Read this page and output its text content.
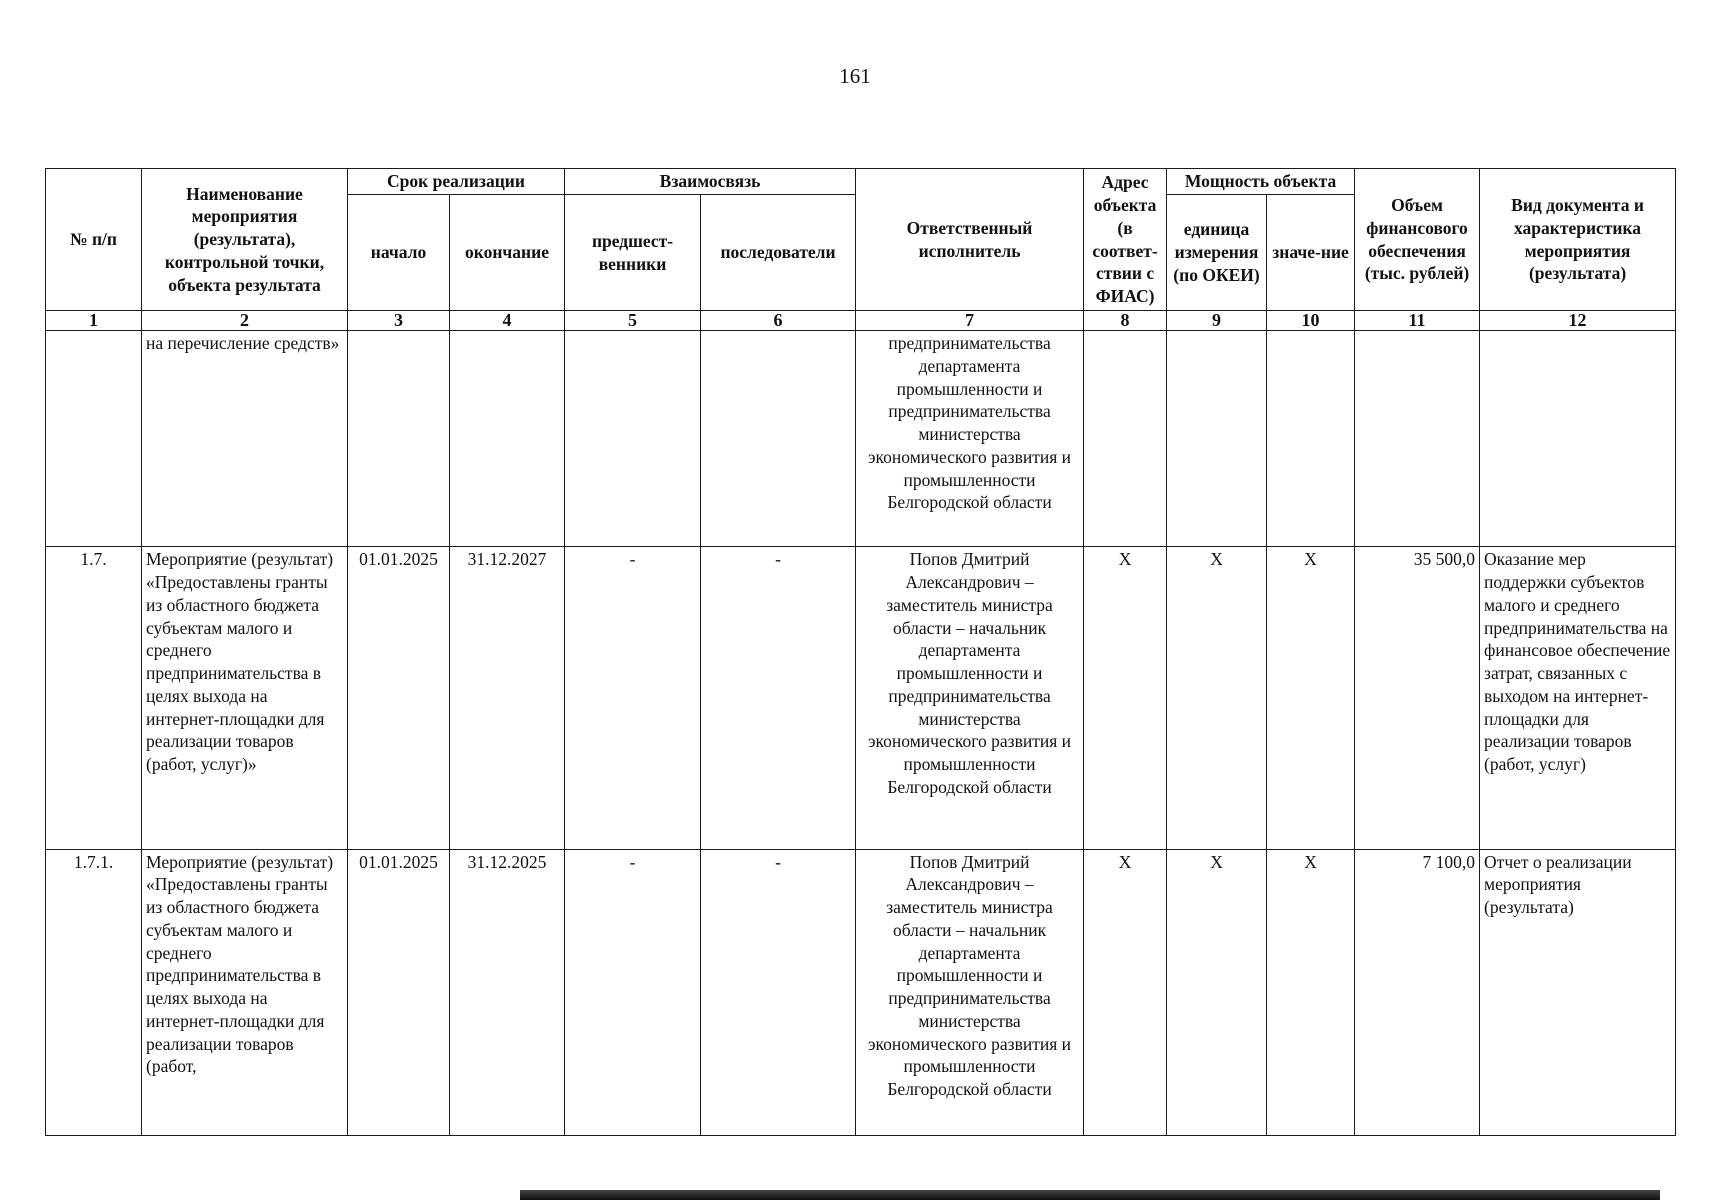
161
№ п/п	Наименование мероприятия (результата), контрольной точки, объекта результата	Срок реализации		Взаимосвязь		Ответственный исполнитель	Адрес объекта (в соответ-ствии с ФИАС)	Мощность объекта		Объем финансового обеспечения (тыс. рублей)	Вид документа и характеристика мероприятия (результата)
		начало	окончание	предшест-венники	последователи			единица измерения (по ОКЕИ)	значе-ние		
1	2	3	4	5	6	7	8	9	10	11	12
	на перечисление средств»					предпринимательства департамента промышленности и предпринимательства министерства экономического развития и промышленности Белгородской области					
1.7.	Мероприятие (результат) «Предоставлены гранты из областного бюджета субъектам малого и среднего предпринимательства в целях выхода на интернет-площадки для реализации товаров (работ, услуг)»	01.01.2025	31.12.2027	-	-	Попов Дмитрий Александрович – заместитель министра области – начальник департамента промышленности и предпринимательства министерства экономического развития и промышленности Белгородской области	Х	Х	Х	35 500,0	Оказание мер поддержки субъектов малого и среднего предпринимательства на финансовое обеспечение затрат, связанных с выходом на интернет-площадки для реализации товаров (работ, услуг)
1.7.1.	Мероприятие (результат) «Предоставлены гранты из областного бюджета субъектам малого и среднего предпринимательства в целях выхода на интернет-площадки для реализации товаров (работ,	01.01.2025	31.12.2025	-	-	Попов Дмитрий Александрович – заместитель министра области – начальник департамента промышленности и предпринимательства министерства экономического развития и промышленности Белгородской области	Х	Х	Х	7 100,0	Отчет о реализации мероприятия (результата)
